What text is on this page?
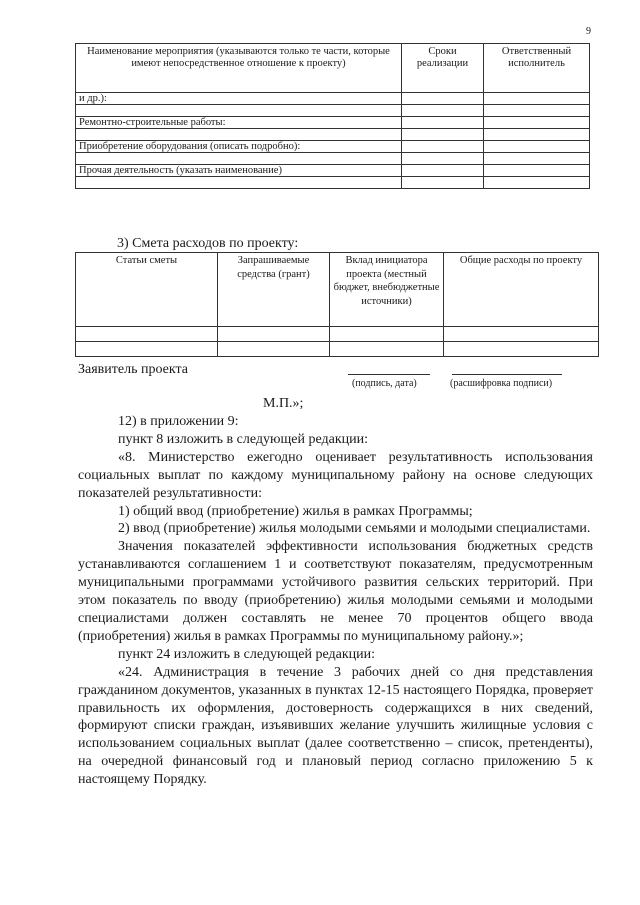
9
Наименование мероприятия (указываются только те части, которые имеют непосредственное отношение к проекту)	Сроки реализации	Ответственный исполнитель
и др.):		

Ремонтно-строительные работы:		

Приобретение оборудования (описать подробно):		

Прочая деятельность (указать наименование)		

3) Смета расходов по проекту:
Статьи сметы	Запрашиваемые средства (грант)	Вклад инициатора проекта (местный бюджет, внебюджетные источники)	Общие расходы по проекту

Заявитель проекта
(подпись, дата)	(расшифровка подписи)
М.П.»;

12) в приложении 9:

пункт 8 изложить в следующей редакции:

«8. Министерство ежегодно оценивает результативность использования социальных выплат по каждому муниципальному району на основе следующих показателей результативности:

1) общий ввод (приобретение) жилья в рамках Программы;

2) ввод (приобретение) жилья молодыми семьями и молодыми специалистами.

Значения показателей эффективности использования бюджетных средств устанавливаются соглашением 1 и соответствуют показателям, предусмотренным муниципальными программами устойчивого развития сельских территорий. При этом показатель по вводу (приобретению) жилья молодыми семьями и молодыми специалистами должен составлять не менее 70 процентов общего ввода (приобретения) жилья в рамках Программы по муниципальному району.»;

пункт 24 изложить в следующей редакции:

«24. Администрация в течение 3 рабочих дней со дня представления гражданином документов, указанных в пунктах 12-15 настоящего Порядка, проверяет правильность их оформления, достоверность содержащихся в них сведений, формируют списки граждан, изъявивших желание улучшить жилищные условия с использованием социальных выплат (далее соответственно – список, претенденты), на очередной финансовый год и плановый период согласно приложению 5 к настоящему Порядку.
